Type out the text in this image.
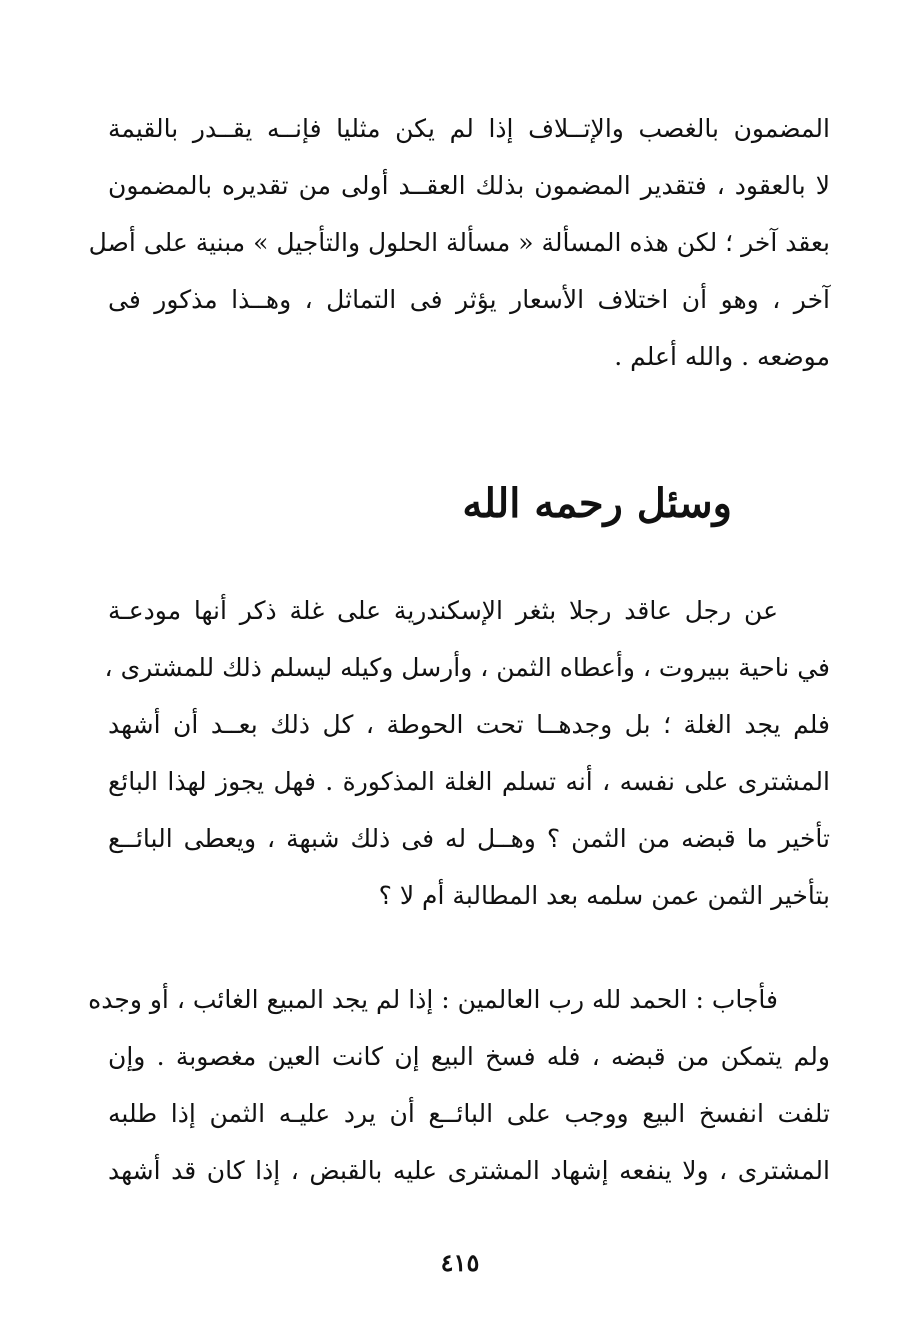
المضمون بالغصب والإتــلاف إذا لم يكن مثليا فإنــه يقــدر بالقيمة
لا بالعقود ، فتقدير المضمون بذلك العقــد أولى من تقديره بالمضمون
بعقد آخر ؛ لكن هذه المسألة « مسألة الحلول والتأجيل » مبنية على أصل
آخر ، وهو أن اختلاف الأسعار يؤثر فى التماثل ، وهــذا مذكور فى
موضعه . والله أعلم .
وسئل رحمه الله
عن رجل عاقد رجلا بثغر الإسكندرية على غلة ذكر أنها مودعـة
في ناحية ببيروت ، وأعطاه الثمن ، وأرسل وكيله ليسلم ذلك للمشترى ،
فلم يجد الغلة ؛ بل وجدهــا تحت الحوطة ، كل ذلك بعــد أن أشهد
المشترى على نفسه ، أنه تسلم الغلة المذكورة . فهل يجوز لهذا البائع
تأخير ما قبضه من الثمن ؟ وهــل له فى ذلك شبهة ، ويعطى البائــع
بتأخير الثمن عمن سلمه بعد المطالبة أم لا ؟
فأجاب : الحمد لله رب العالمين : إذا لم يجد المبيع الغائب ، أو وجده
ولم يتمكن من قبضه ، فله فسخ البيع إن كانت العين مغصوبة . وإن
تلفت انفسخ البيع ووجب على البائــع أن يرد عليـه الثمن إذا طلبه
المشترى ، ولا ينفعه إشهاد المشترى عليه بالقبض ، إذا كان قد أشهد
٤١٥
